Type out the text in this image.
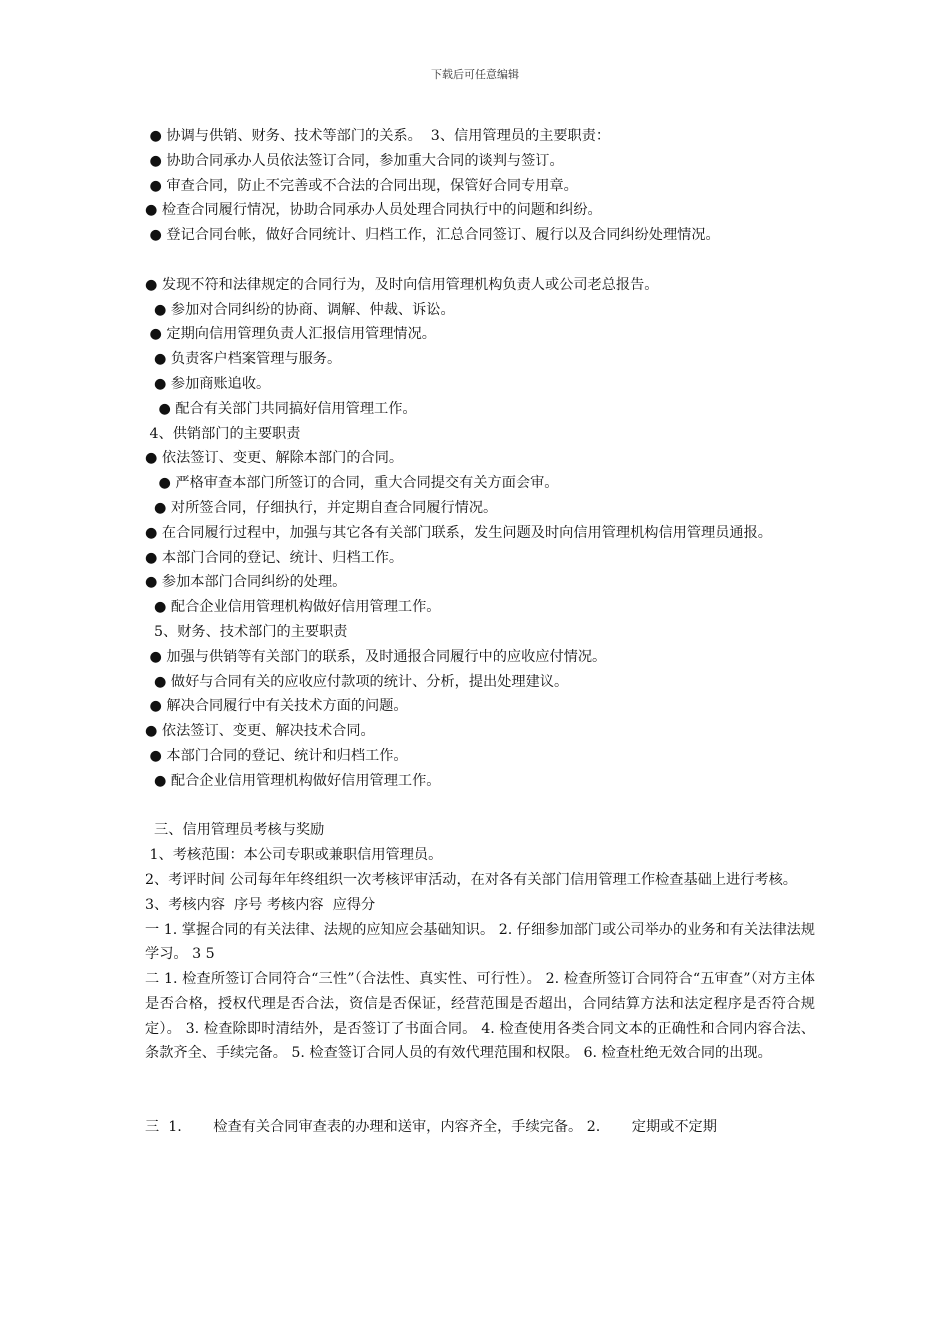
下载后可任意编辑
● 协调与供销、财务、技术等部门的关系。  3、信用管理员的主要职责：
● 协助合同承办人员依法签订合同，参加重大合同的谈判与签订。
● 审查合同，防止不完善或不合法的合同出现，保管好合同专用章。
● 检查合同履行情况，协助合同承办人员处理合同执行中的问题和纠纷。
● 登记合同台帐，做好合同统计、归档工作，汇总合同签订、履行以及合同纠纷处理情况。
● 发现不符和法律规定的合同行为，及时向信用管理机构负责人或公司老总报告。
● 参加对合同纠纷的协商、调解、仲裁、诉讼。
● 定期向信用管理负责人汇报信用管理情况。
● 负责客户档案管理与服务。
● 参加商账追收。
● 配合有关部门共同搞好信用管理工作。
4、供销部门的主要职责
● 依法签订、变更、解除本部门的合同。
● 严格审查本部门所签订的合同，重大合同提交有关方面会审。
● 对所签合同，仔细执行，并定期自查合同履行情况。
● 在合同履行过程中，加强与其它各有关部门联系，发生问题及时向信用管理机构信用管理员通报。
● 本部门合同的登记、统计、归档工作。
● 参加本部门合同纠纷的处理。
● 配合企业信用管理机构做好信用管理工作。
5、财务、技术部门的主要职责
● 加强与供销等有关部门的联系，及时通报合同履行中的应收应付情况。
● 做好与合同有关的应收应付款项的统计、分析，提出处理建议。
● 解决合同履行中有关技术方面的问题。
● 依法签订、变更、解决技术合同。
● 本部门合同的登记、统计和归档工作。
● 配合企业信用管理机构做好信用管理工作。
三、信用管理员考核与奖励
1、考核范围：本公司专职或兼职信用管理员。
2、考评时间 公司每年年终组织一次考核评审活动，在对各有关部门信用管理工作检查基础上进行考核。
3、考核内容  序号 考核内容  应得分
一 1. 掌握合同的有关法律、法规的应知应会基础知识。 2. 仔细参加部门或公司举办的业务和有关法律法规学习。 3 5
二 1. 检查所签订合同符合“三性”（合法性、真实性、可行性）。 2. 检查所签订合同符合“五审查”（对方主体是否合格，授权代理是否合法，资信是否保证，经营范围是否超出，合同结算方法和法定程序是否符合规定）。 3. 检查除即时清结外，是否签订了书面合同。 4. 检查使用各类合同文本的正确性和合同内容合法、条款齐全、手续完备。 5. 检查签订合同人员的有效代理范围和权限。 6. 检查杜绝无效合同的出现。
三  1.       检查有关合同审查表的办理和送审，内容齐全，手续完备。 2.       定期或不定期
